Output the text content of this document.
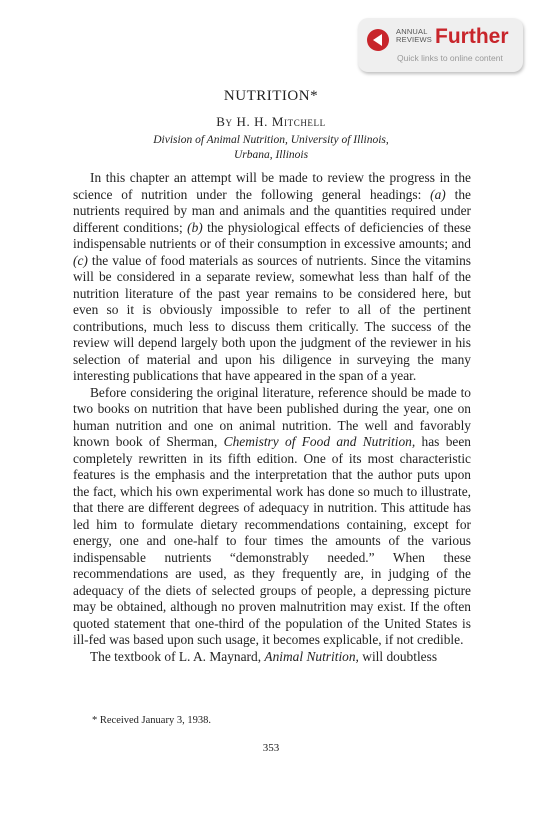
ANNUAL
REVIEWS Further
Quick links to online content
NUTRITION*
By H. H. Mitchell
Division of Animal Nutrition, University of Illinois,
Urbana, Illinois

In this chapter an attempt will be made to review the progress in the science of nutrition under the following general headings: (a) the nutrients required by man and animals and the quantities required under different conditions; (b) the physiological effects of deficiencies of these indispensable nutrients or of their consumption in excessive amounts; and (c) the value of food materials as sources of nutrients. Since the vitamins will be considered in a separate review, somewhat less than half of the nutrition literature of the past year remains to be considered here, but even so it is obviously impossible to refer to all of the pertinent contributions, much less to discuss them critically. The success of the review will depend largely both upon the judgment of the reviewer in his selection of material and upon his diligence in surveying the many interesting publications that have appeared in the span of a year.

Before considering the original literature, reference should be made to two books on nutrition that have been published during the year, one on human nutrition and one on animal nutrition. The well and favorably known book of Sherman, Chemistry of Food and Nutrition, has been completely rewritten in its fifth edition. One of its most characteristic features is the emphasis and the interpretation that the author puts upon the fact, which his own experimental work has done so much to illustrate, that there are different degrees of adequacy in nutrition. This attitude has led him to formulate dietary recommendations containing, except for energy, one and one-half to four times the amounts of the various indispensable nutrients “demonstrably needed.” When these recommendations are used, as they frequently are, in judging of the adequacy of the diets of selected groups of people, a depressing picture may be obtained, although no proven malnutrition may exist. If the often quoted statement that one-third of the population of the United States is ill-fed was based upon such usage, it becomes explicable, if not credible.

The textbook of L. A. Maynard, Animal Nutrition, will doubtless

* Received January 3, 1938.
353
